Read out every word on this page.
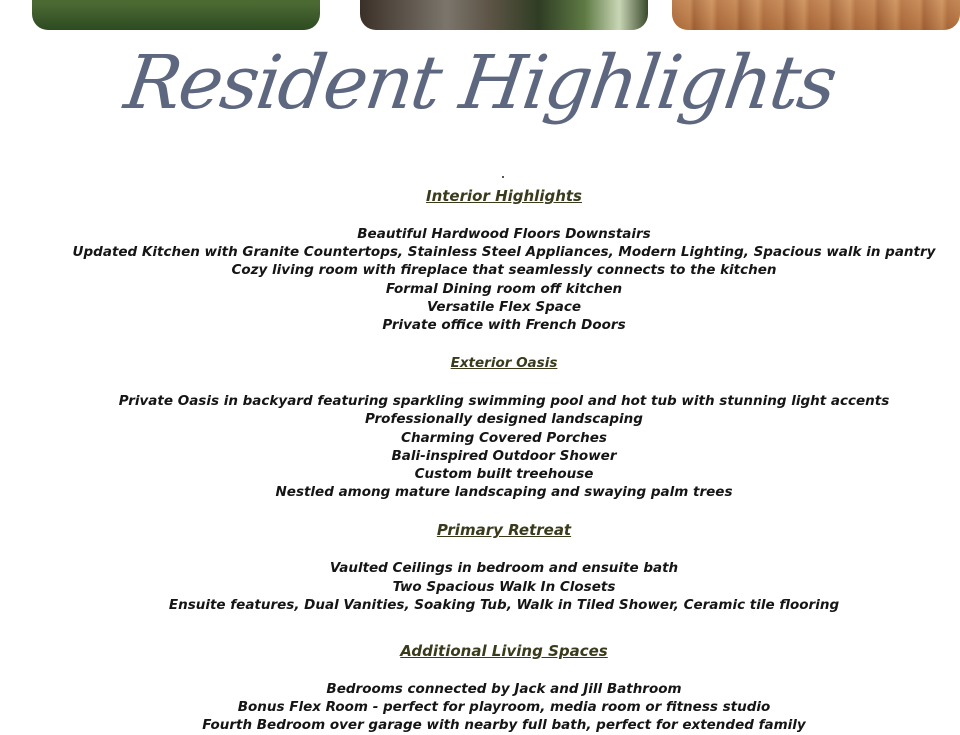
Resident Highlights
Interior Highlights
Beautiful Hardwood Floors Downstairs
Updated Kitchen with Granite Countertops, Stainless Steel Appliances, Modern Lighting, Spacious walk in pantry
Cozy living room with fireplace that seamlessly connects to the kitchen
Formal Dining room off kitchen
Versatile Flex Space
Private office with French Doors
Exterior Oasis
Private Oasis in backyard featuring sparkling swimming pool and hot tub with stunning light accents
Professionally designed landscaping
Charming Covered Porches
Bali-inspired Outdoor Shower
Custom built treehouse
Nestled among mature landscaping and swaying palm trees
Primary Retreat
Vaulted Ceilings in bedroom and ensuite bath
Two Spacious Walk In Closets
Ensuite features, Dual Vanities, Soaking Tub, Walk in Tiled Shower, Ceramic tile flooring
Additional Living Spaces
Bedrooms connected by Jack and Jill Bathroom
Bonus Flex Room - perfect for playroom, media room or fitness studio
Fourth Bedroom over garage with nearby full bath, perfect for extended family
